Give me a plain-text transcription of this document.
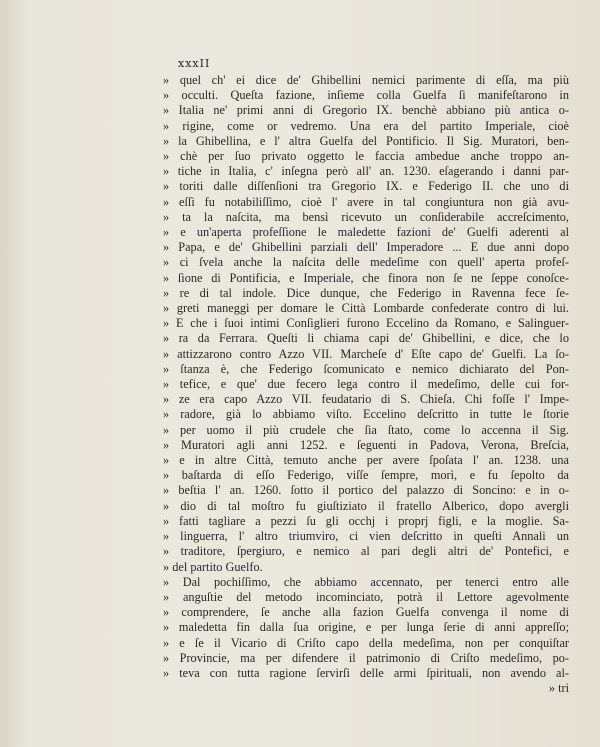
xxxII
» quel ch' ei dice de' Ghibellini nemici parimente di eſſa, ma più
» occulti. Queſta fazione, inſieme colla Guelfa ſi manifeſtarono in
» Italia ne' primi anni di Gregorio IX. benchè abbiano più antica o-
» rigine, come or vedremo. Una era del partito Imperiale, cioè
» la Ghibellina, e l' altra Guelfa del Pontificio. Il Sig. Muratori, ben-
» chè per ſuo privato oggetto le faccia ambedue anche troppo an-
» tiche in Italia, c' inſegna però all' an. 1230. eſagerando i danni par-
» toriti dalle diſſenſioni tra Gregorio IX. e Federigo II. che uno di
» eſſi fu notabiliſſimo, cioè l' avere in tal congiuntura non già avu-
» ta la naſcita, ma bensì ricevuto un conſiderabile accreſcimento,
» e un'aperta profeſſione le maledette fazioni de' Guelfi aderenti al
» Papa, e de' Ghibellini parziali dell' Imperadore ... E due anni dopo
» ci ſvela anche la naſcita delle medeſime con quell' aperta profeſ-
» ſione di Pontificia, e Imperiale, che finora non ſe ne ſeppe conoſce-
» re di tal indole. Dice dunque, che Federigo in Ravenna fece ſe-
» greti maneggi per domare le Città Lombarde confederate contro di lui.
» E che i ſuoi intimi Conſiglieri furono Eccelino da Romano, e Salinguer-
» ra da Ferrara. Queſti li chiama capi de' Ghibellini, e dice, che lo
» attizzarono contro Azzo VII. Marcheſe d' Eſte capo de' Guelfi. La ſo-
» ſtanza è, che Federigo ſcomunicato e nemico dichiarato del Pon-
» tefice, e que' due fecero lega contro il medeſimo, delle cui for-
» ze era capo Azzo VII. feudatario di S. Chieſa. Chi foſſe l' Impe-
» radore, già lo abbiamo viſto. Eccelino deſcritto in tutte le ſtorie
» per uomo il più crudele che ſia ſtato, come lo accenna il Sig.
» Muratori agli anni 1252. e ſeguenti in Padova, Verona, Breſcia,
» e in altre Città, temuto anche per avere ſpoſata l' an. 1238. una
» baſtarda di eſſo Federigo, viſſe ſempre, morì, e fu ſepolto da
» beſtia l' an. 1260. ſotto il portico del palazzo di Soncino: e in o-
» dio di tal moſtro fu giuſtiziato il fratello Alberico, dopo avergli
» fatti tagliare a pezzi ſu gli occhj i proprj figli, e la moglie. Sa-
» linguerra, l' altro triumviro, ci vien deſcritto in queſti Annali un
» traditore, ſpergiuro, e nemico al pari degli altri de' Pontefici, e
» del partito Guelfo.
» Dal pochiſſimo, che abbiamo accennato, per tenerci entro alle
» anguſtie del metodo incominciato, potrà il Lettore agevolmente
» comprendere, ſe anche alla fazion Guelfa convenga il nome di
» maledetta fin dalla ſua origine, e per lunga ſerie di anni appreſſo;
» e ſe il Vicario di Criſto capo della medeſima, non per conquiſtar
» Provincie, ma per difendere il patrimonio di Criſto medeſimo, po-
» teva con tutta ragione ſervirſi delle armi ſpirituali, non avendo al-
» tri
